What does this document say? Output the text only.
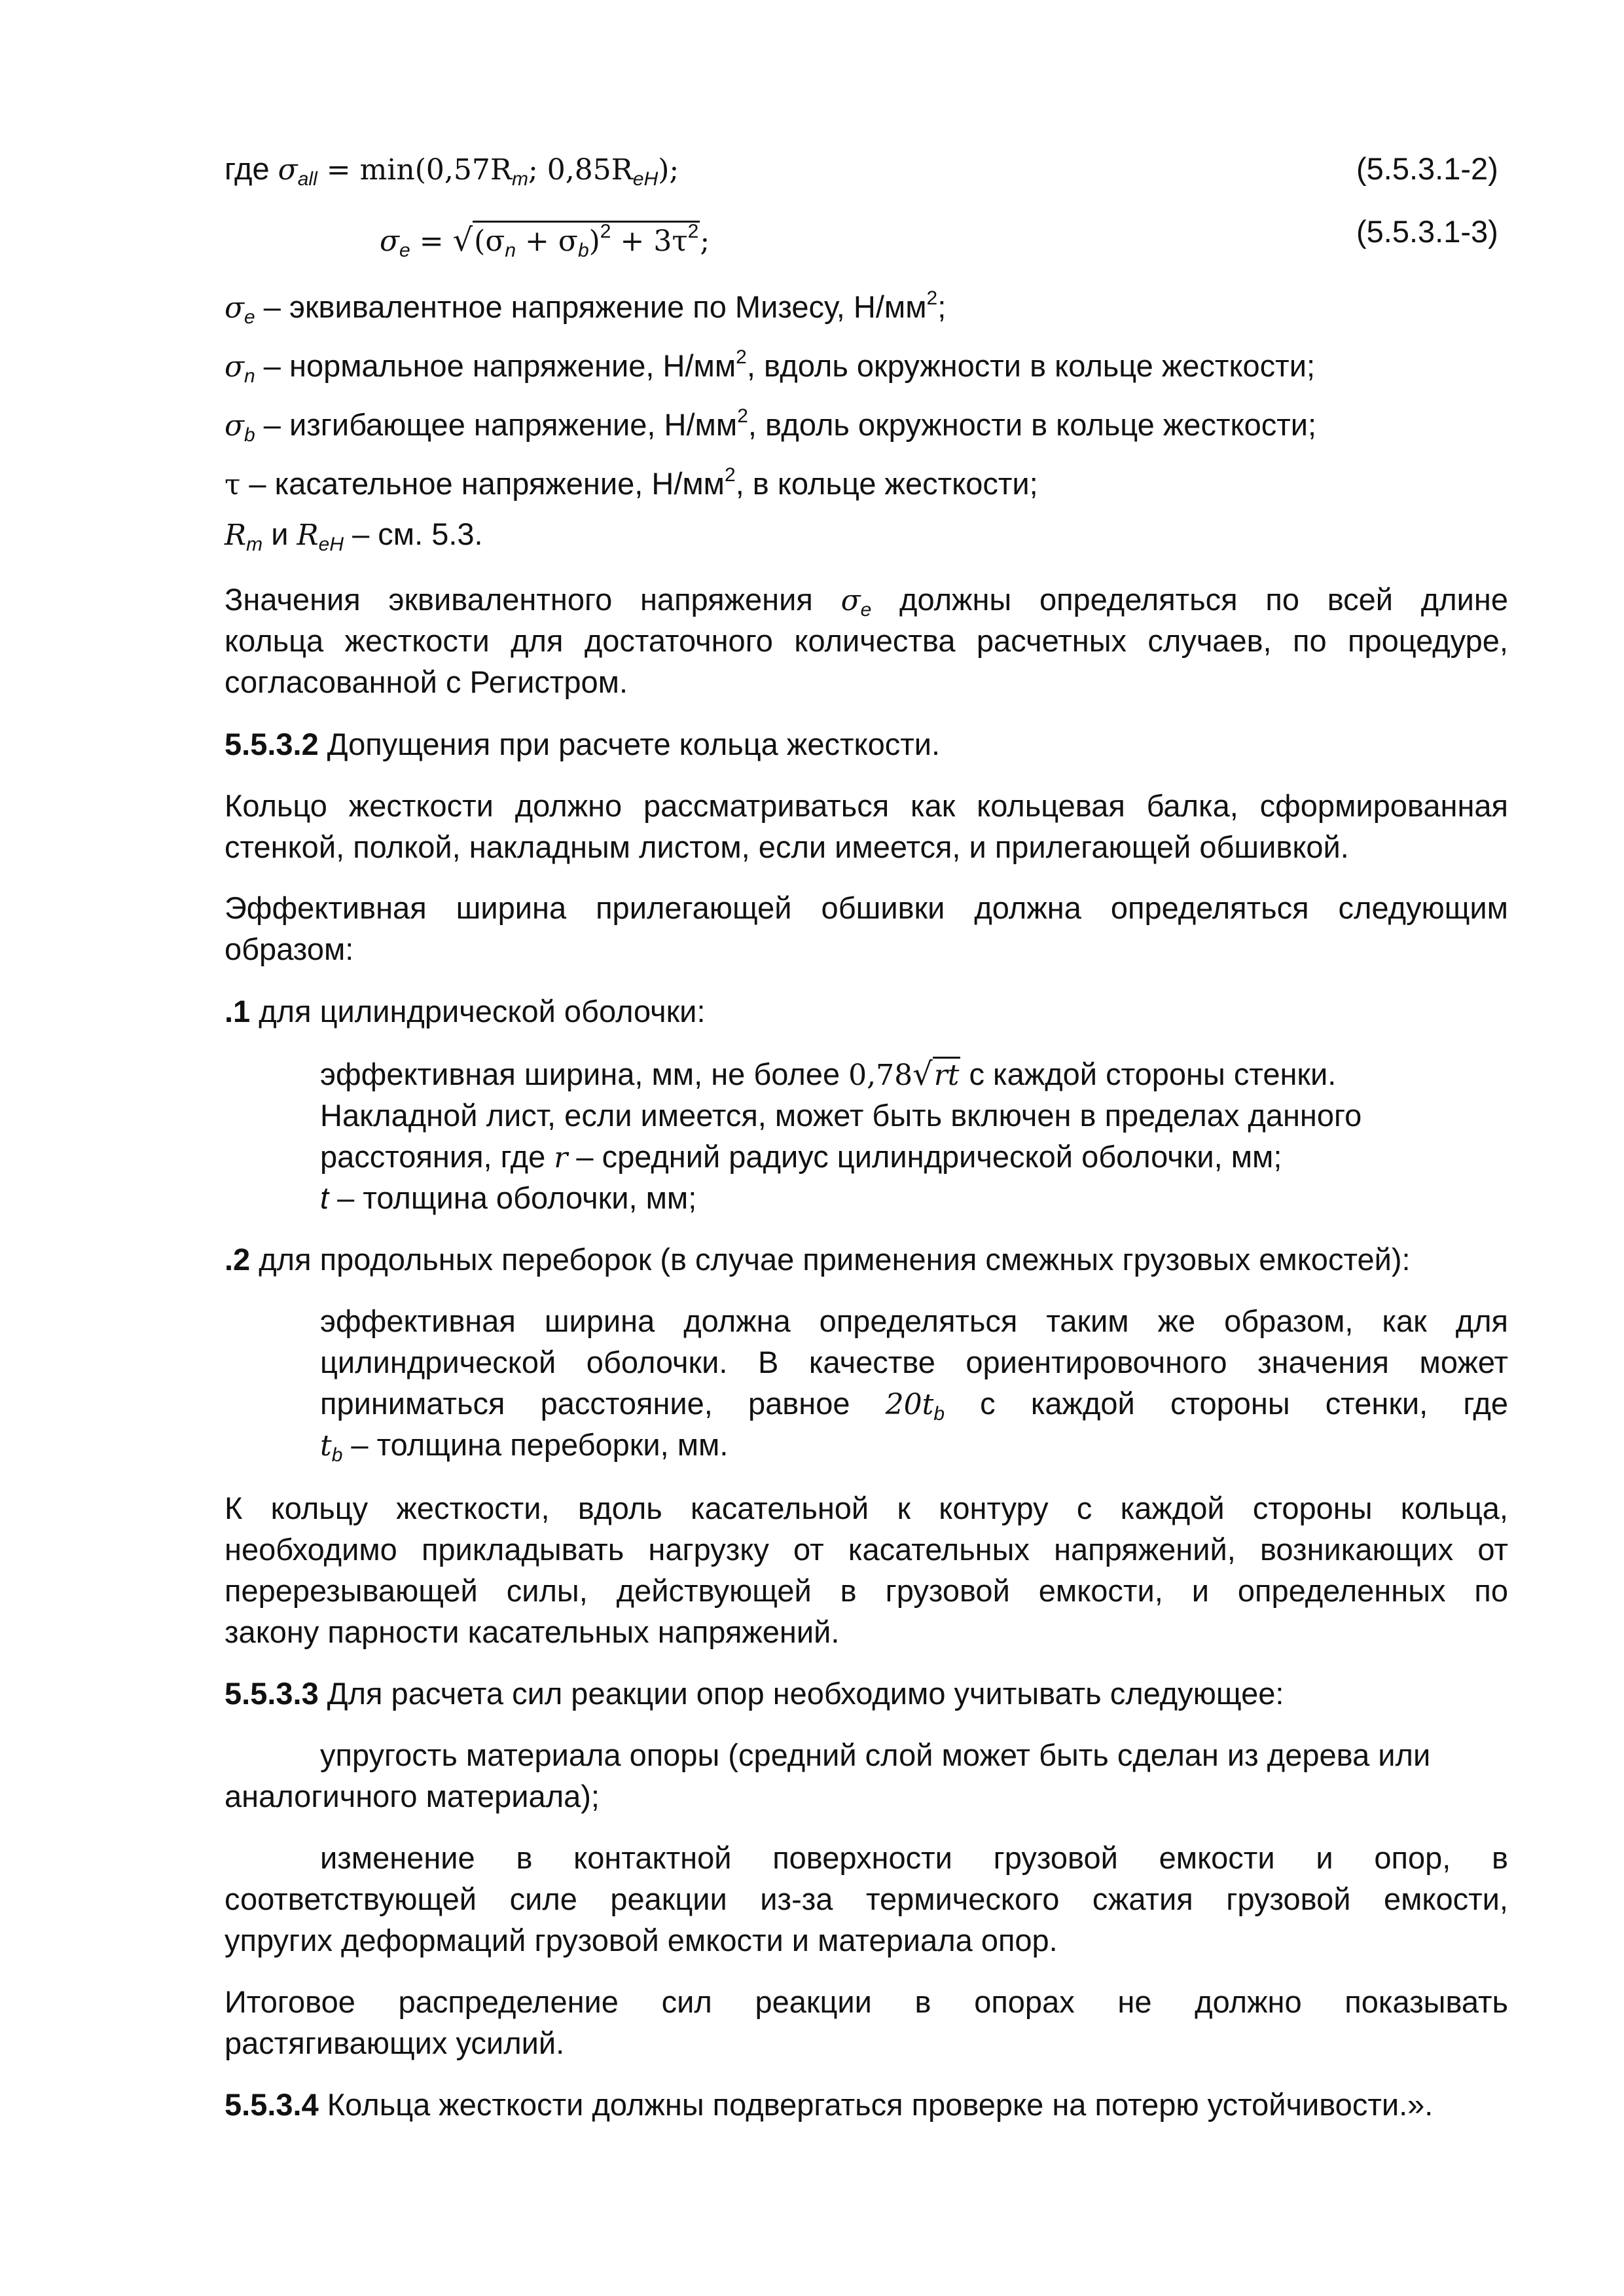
где $\sigma_{all} = \min(0,57R_m$; $0,85R_{eH}$);	(5.5.3.1-2)
$\sigma_e = √(\sigma_n + \sigma_b)^2 + 3\tau^2$;	(5.5.3.1-3)
$\sigma_e$ – эквивалентное напряжение по Мизесу, $Н/мм^2$;
$\sigma_n$ – нормальное напряжение, $Н/мм^2$, вдоль окружности в кольце жесткости;
$\sigma_b$ – изгибающее напряжение, $Н/мм^2$, вдоль окружности в кольце жесткости;
τ – касательное напряжение, $Н/мм^2$, в кольце жесткости;
$R_m$ и $R_{eH}$ – см. 5.3.
Значения эквивалентного напряжения $\sigma_e$ должны определяться по всей длине
кольца жесткости для достаточного количества расчетных случаев, по процедуре,
согласованной с Регистром.
5.5.3.2 Допущения при расчете кольца жесткости.
Кольцо жесткости должно рассматриваться как кольцевая балка, сформированная
стенкой, полкой, накладным листом, если имеется, и прилегающей обшивкой.
Эффективная ширина прилегающей обшивки должна определяться следующим
образом:
.1 для цилиндрической оболочки:
эффективная ширина, мм, не более 0,78√rt с каждой стороны стенки.
Накладной лист, если имеется, может быть включен в пределах данного
расстояния, где r – средний радиус цилиндрической оболочки, мм;
t – толщина оболочки, мм;
.2 для продольных переборок (в случае применения смежных грузовых емкостей):
эффективная ширина должна определяться таким же образом, как для
цилиндрической оболочки. В качестве ориентировочного значения может
приниматься расстояние, равное $20t_b$ с каждой стороны стенки, где
$t_b$ – толщина переборки, мм.
К кольцу жесткости, вдоль касательной к контуру с каждой стороны кольца,
необходимо прикладывать нагрузку от касательных напряжений, возникающих от
перерезывающей силы, действующей в грузовой емкости, и определенных по
закону парности касательных напряжений.
5.5.3.3 Для расчета сил реакции опор необходимо учитывать следующее:
упругость материала опоры (средний слой может быть сделан из дерева или
аналогичного материала);
изменение в контактной поверхности грузовой емкости и опор, в
соответствующей силе реакции из-за термического сжатия грузовой емкости,
упругих деформаций грузовой емкости и материала опор.
Итоговое распределение сил реакции в опорах не должно показывать
растягивающих усилий.
5.5.3.4 Кольца жесткости должны подвергаться проверке на потерю устойчивости.».
